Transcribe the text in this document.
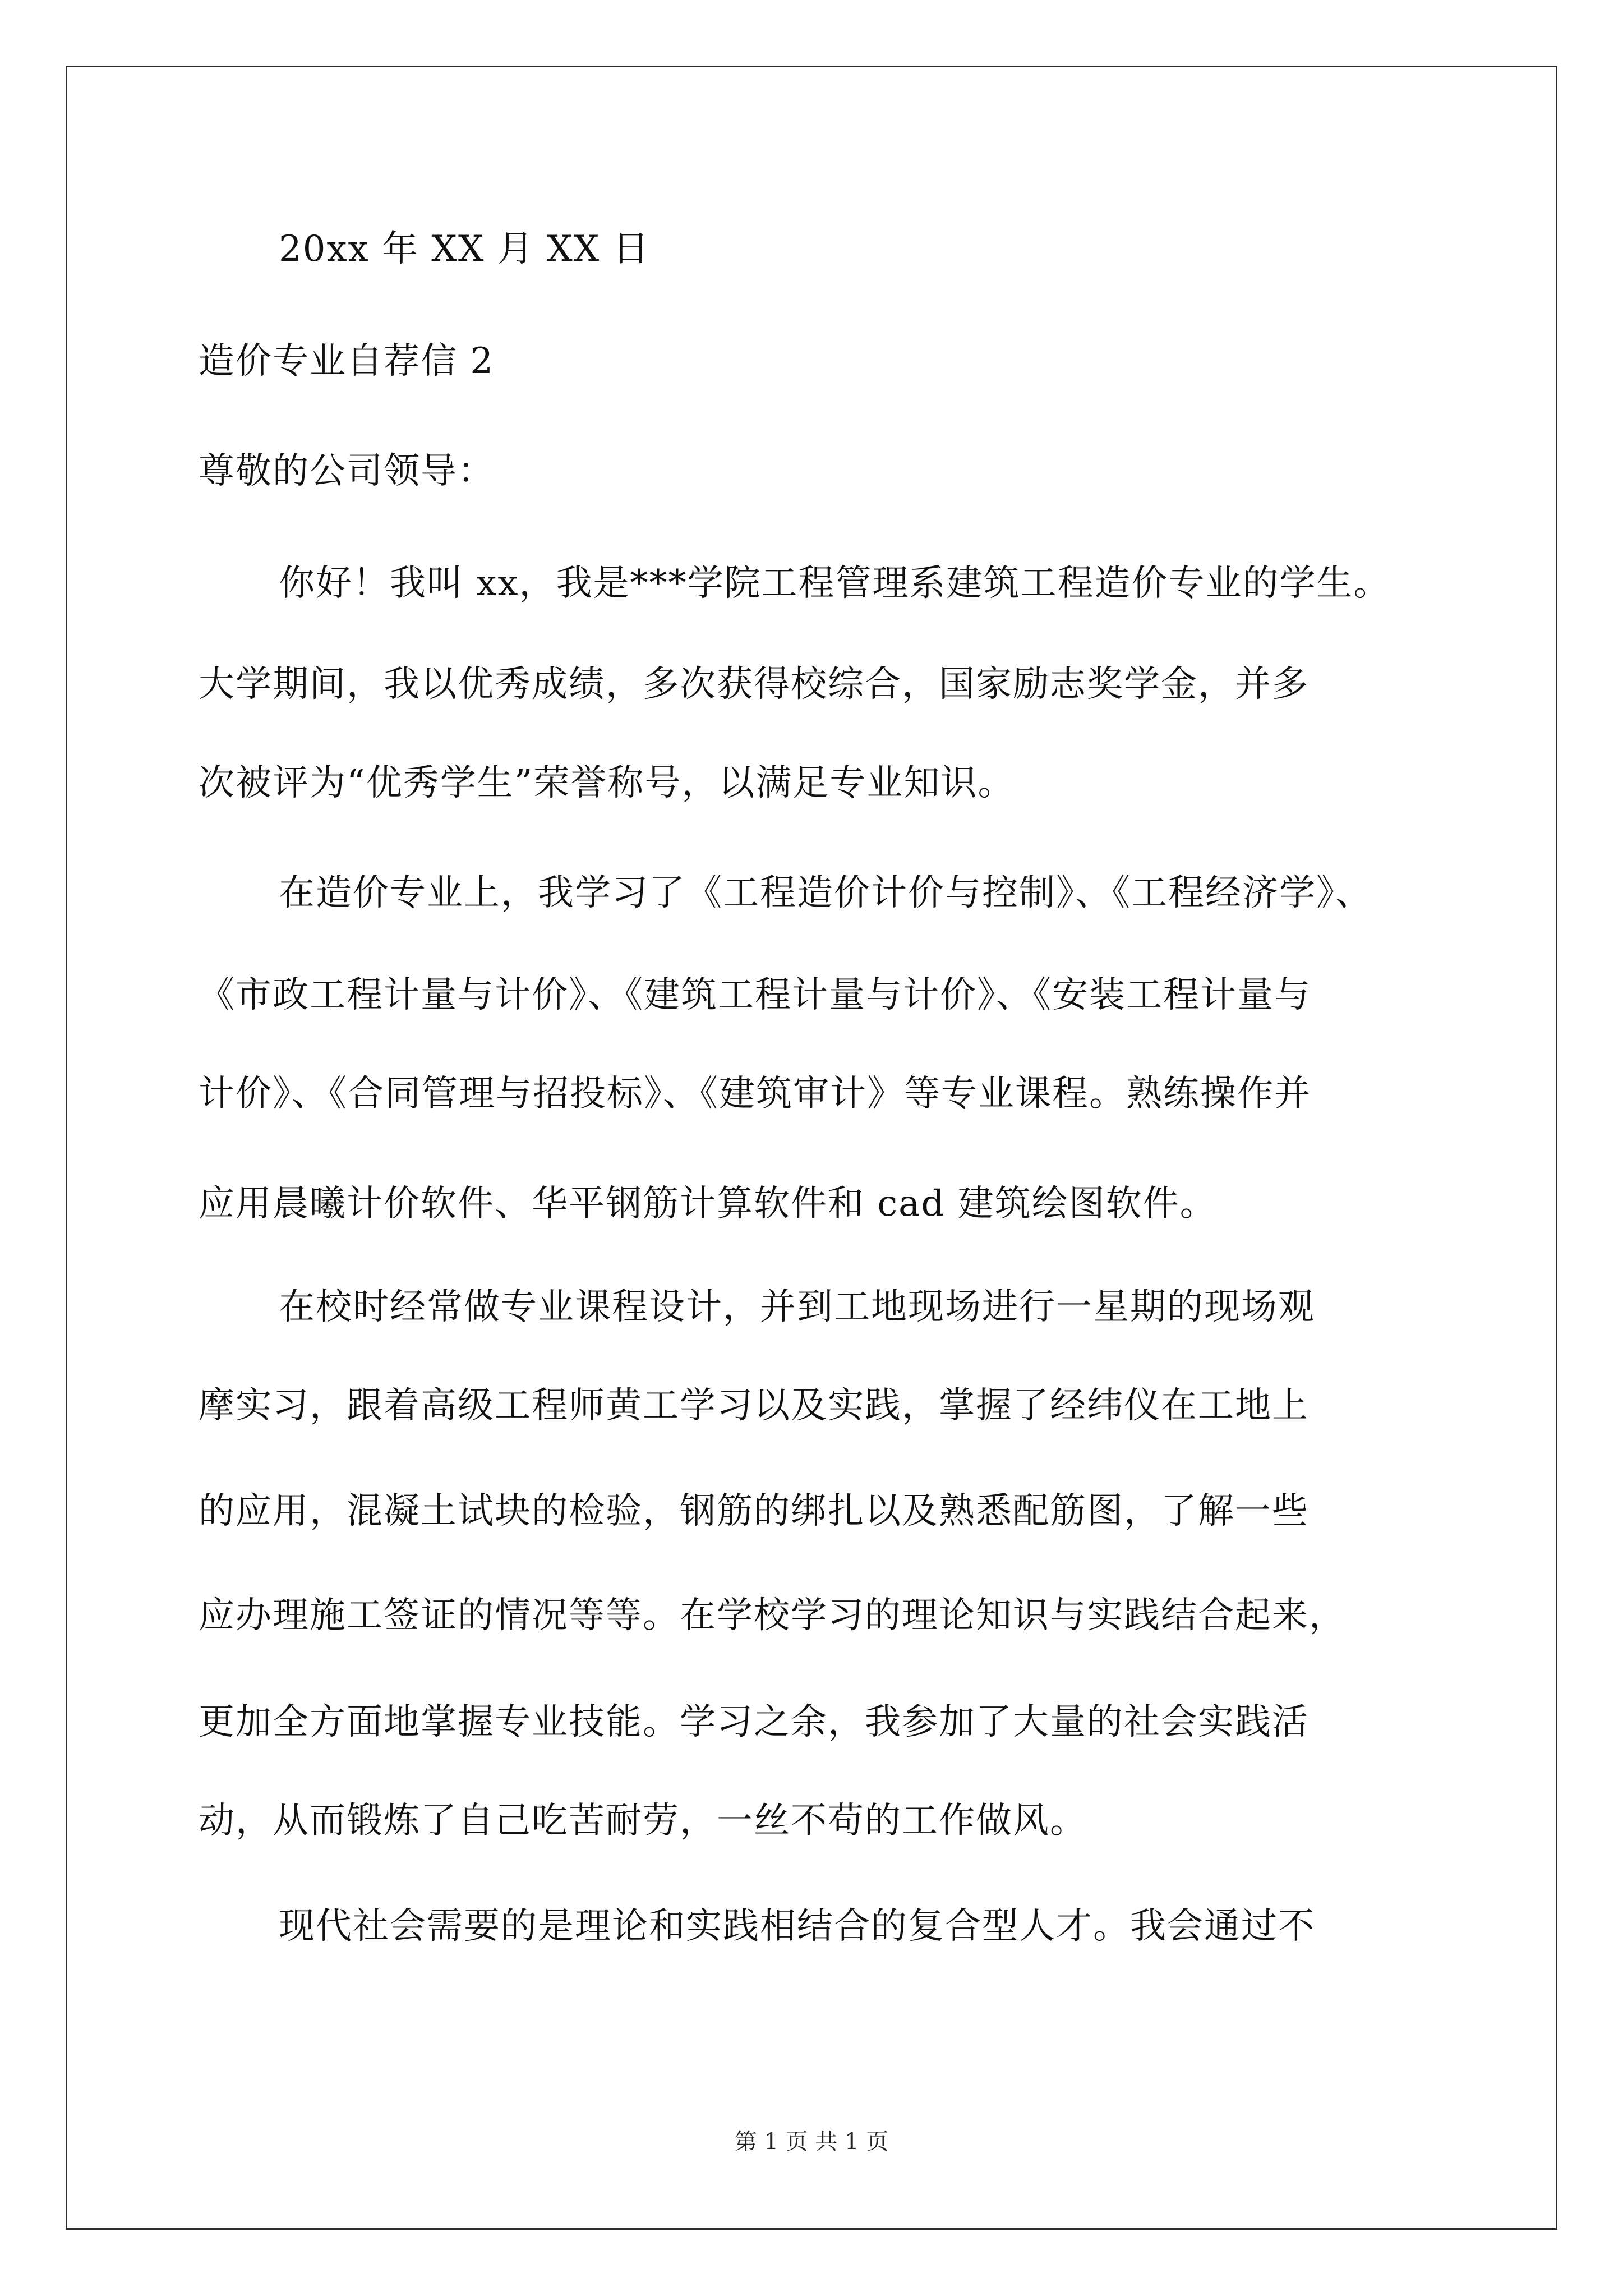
20xx 年 XX 月 XX 日

造价专业自荐信 2

尊敬的公司领导：

你好！我叫 xx，我是***学院工程管理系建筑工程造价专业的学生。

大学期间，我以优秀成绩，多次获得校综合，国家励志奖学金，并多

次被评为“优秀学生”荣誉称号，以满足专业知识。

在造价专业上，我学习了《工程造价计价与控制》、《工程经济学》、

《市政工程计量与计价》、《建筑工程计量与计价》、《安装工程计量与

计价》、《合同管理与招投标》、《建筑审计》等专业课程。熟练操作并

应用晨曦计价软件、华平钢筋计算软件和 cad 建筑绘图软件。

在校时经常做专业课程设计，并到工地现场进行一星期的现场观

摩实习，跟着高级工程师黄工学习以及实践，掌握了经纬仪在工地上

的应用，混凝土试块的检验，钢筋的绑扎以及熟悉配筋图，了解一些

应办理施工签证的情况等等。在学校学习的理论知识与实践结合起来，

更加全方面地掌握专业技能。学习之余，我参加了大量的社会实践活

动，从而锻炼了自己吃苦耐劳，一丝不苟的工作做风。

现代社会需要的是理论和实践相结合的复合型人才。我会通过不

第 1 页 共 1 页
